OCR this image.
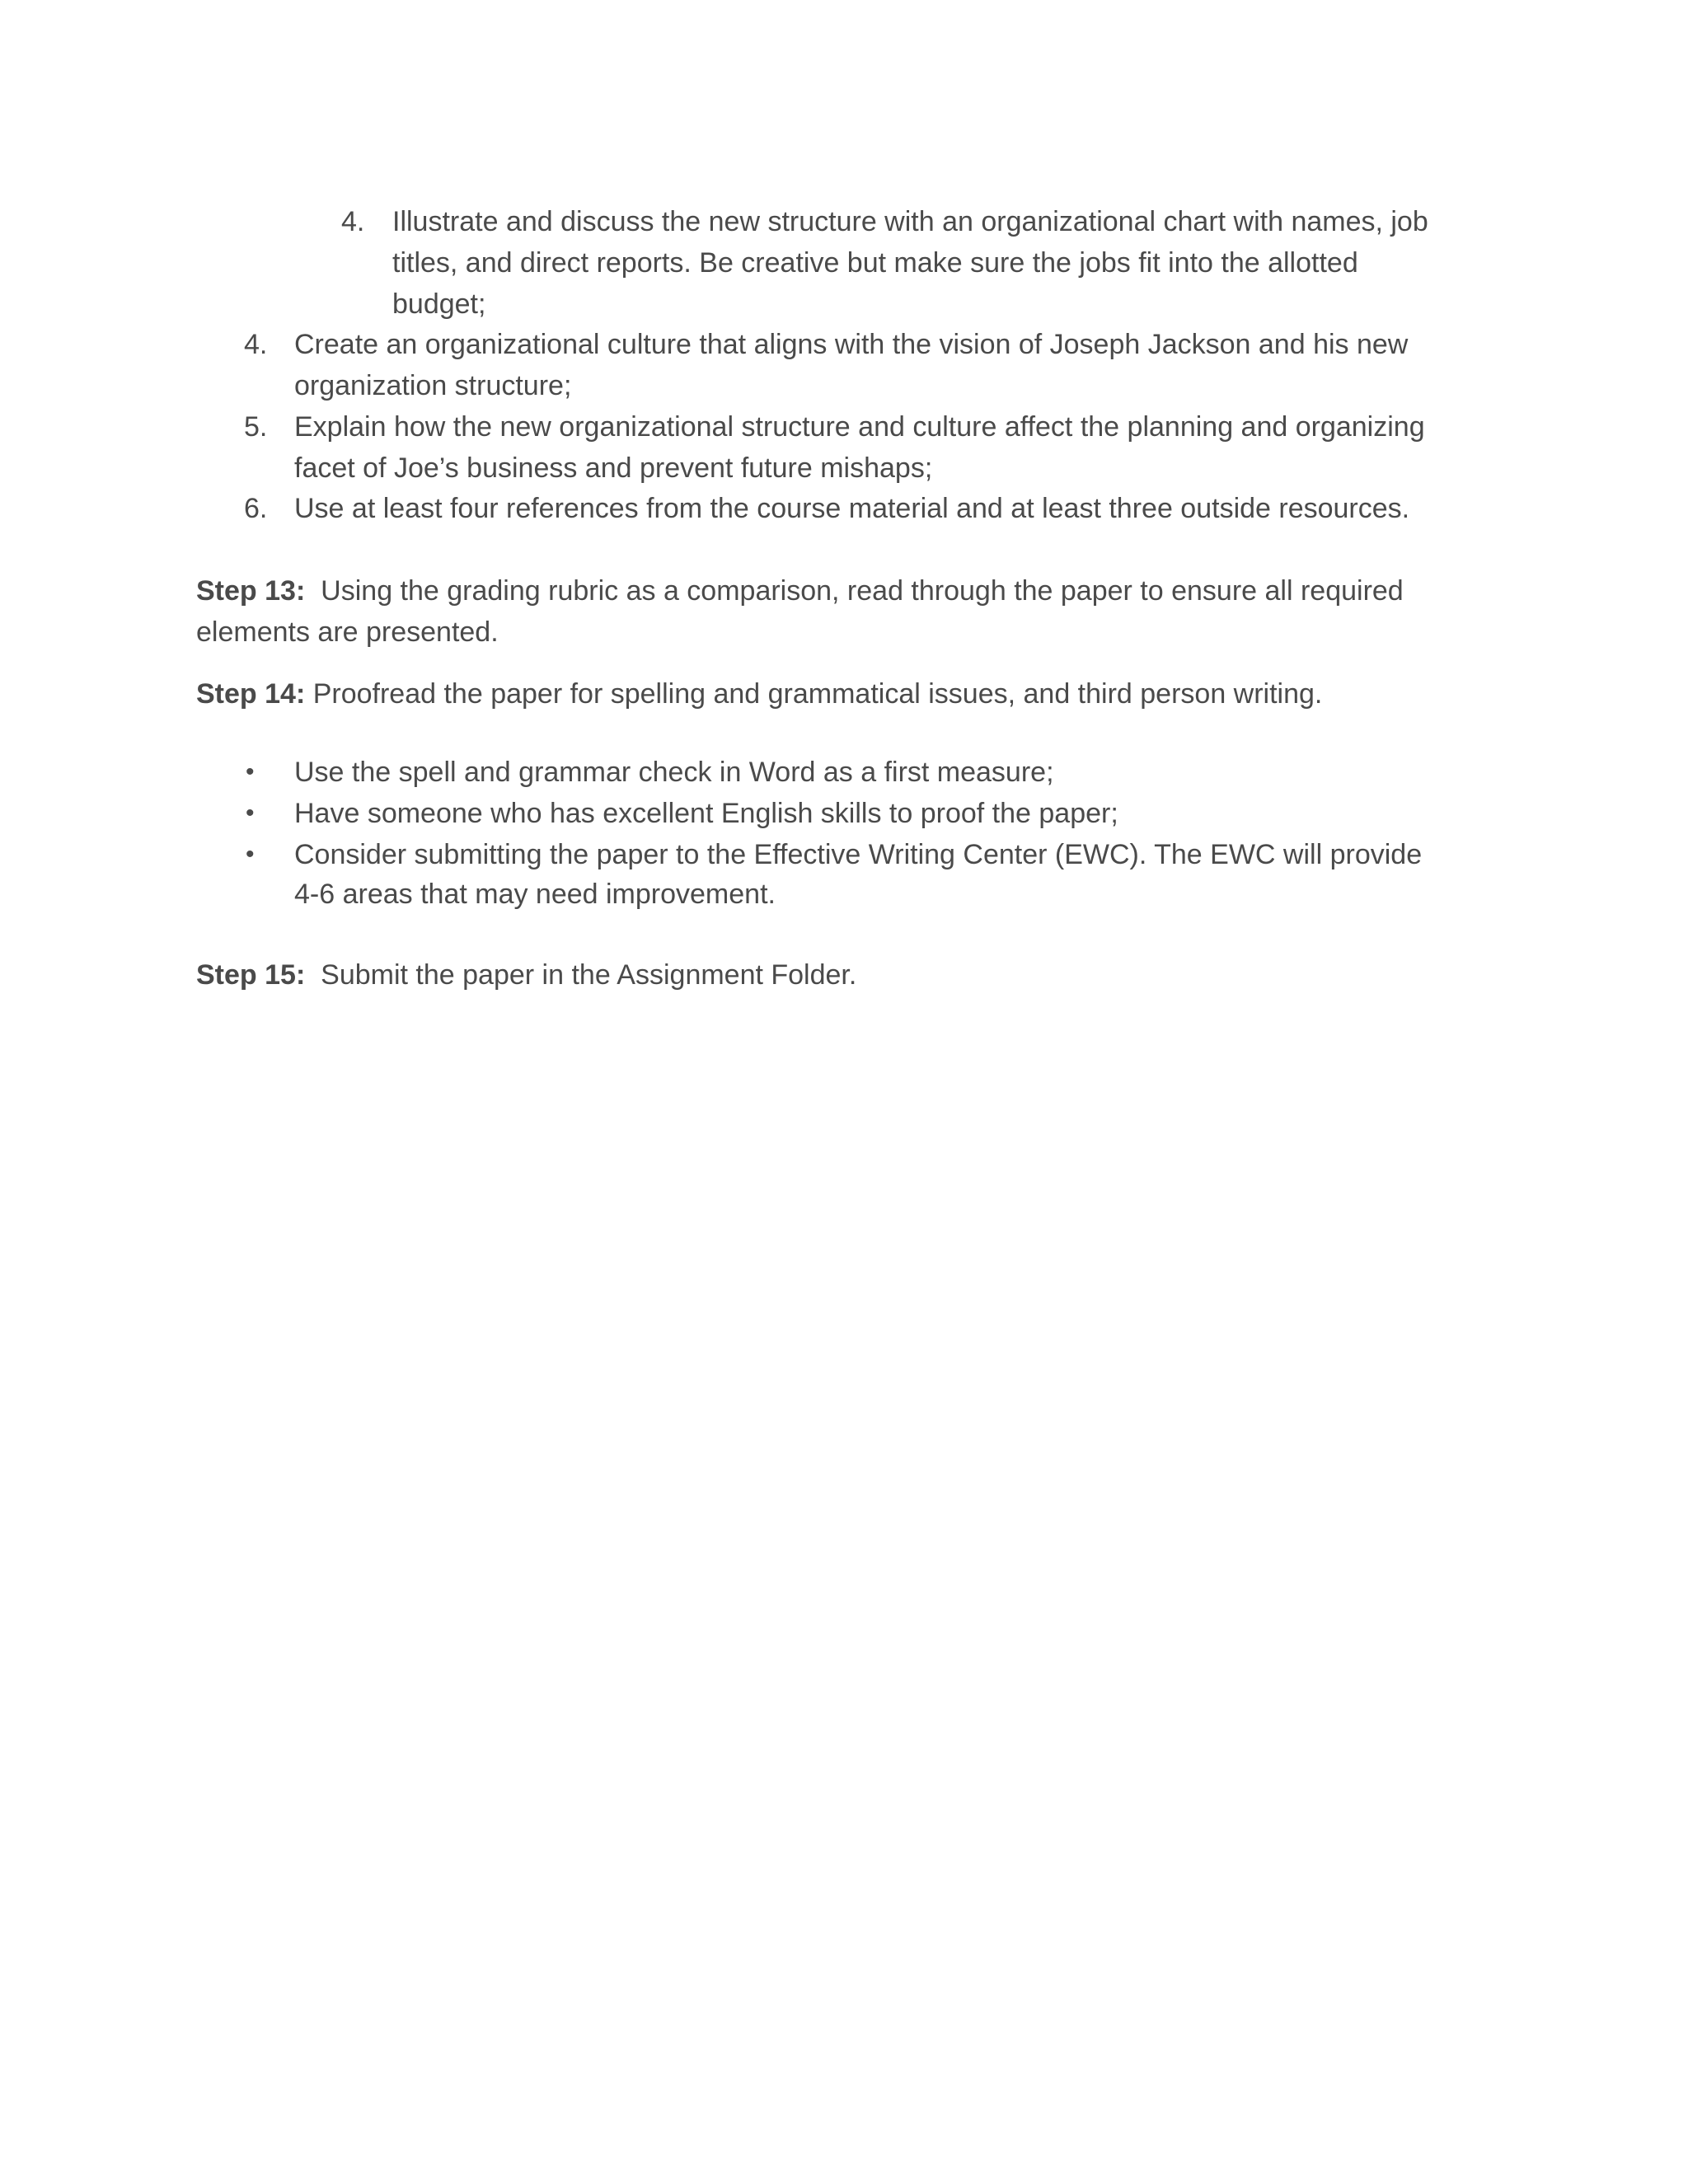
4. Illustrate and discuss the new structure with an organizational chart with names, job
titles, and direct reports. Be creative but make sure the jobs fit into the allotted
budget;
4. Create an organizational culture that aligns with the vision of Joseph Jackson and his new
organization structure;
5. Explain how the new organizational structure and culture affect the planning and organizing
facet of Joe’s business and prevent future mishaps;
6. Use at least four references from the course material and at least three outside resources.
Step 13: Using the grading rubric as a comparison, read through the paper to ensure all required
elements are presented.
Step 14: Proofread the paper for spelling and grammatical issues, and third person writing.
• Use the spell and grammar check in Word as a first measure;
• Have someone who has excellent English skills to proof the paper;
• Consider submitting the paper to the Effective Writing Center (EWC). The EWC will provide
4-6 areas that may need improvement.
Step 15: Submit the paper in the Assignment Folder.
